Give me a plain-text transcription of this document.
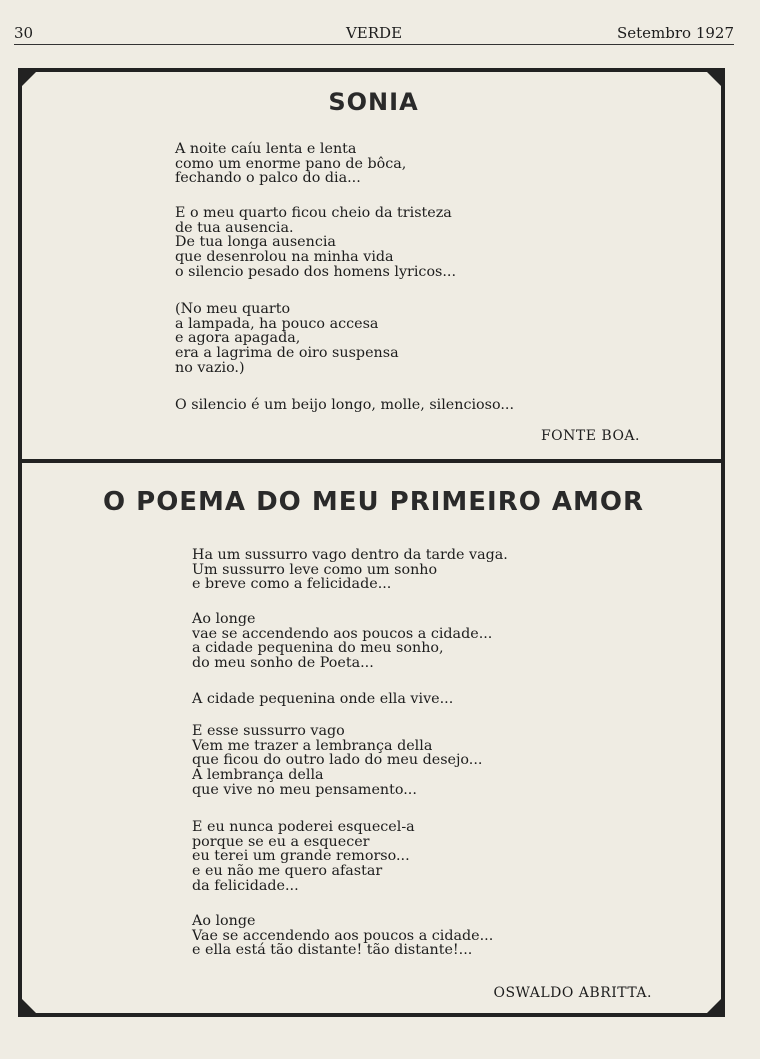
30	VERDE	Setembro 1927
SONIA
A noite caíu lenta e lenta
como um enorme pano de bôca,
fechando o palco do dia...
E o meu quarto ficou cheio da tristeza
de tua ausencia.
De tua longa ausencia
que desenrolou na minha vida
o silencio pesado dos homens lyricos...
(No meu quarto
a lampada, ha pouco accesa
e agora apagada,
era a lagrima de oiro suspensa
no vazio.)
O silencio é um beijo longo, molle, silencioso...
FONTE BOA.
O POEMA DO MEU PRIMEIRO AMOR
Ha um sussurro vago dentro da tarde vaga.
Um sussurro leve como um sonho
e breve como a felicidade...
Ao longe
vae se accendendo aos poucos a cidade...
a cidade pequenina do meu sonho,
do meu sonho de Poeta...
A cidade pequenina onde ella vive...
E esse sussurro vago
Vem me trazer a lembrança della
que ficou do outro lado do meu desejo...
A lembrança della
que vive no meu pensamento...
E eu nunca poderei esquecel-a
porque se eu a esquecer
eu terei um grande remorso...
e eu não me quero afastar
da felicidade...
Ao longe
Vae se accendendo aos poucos a cidade...
e ella está tão distante! tão distante!...
OSWALDO ABRITTA.
